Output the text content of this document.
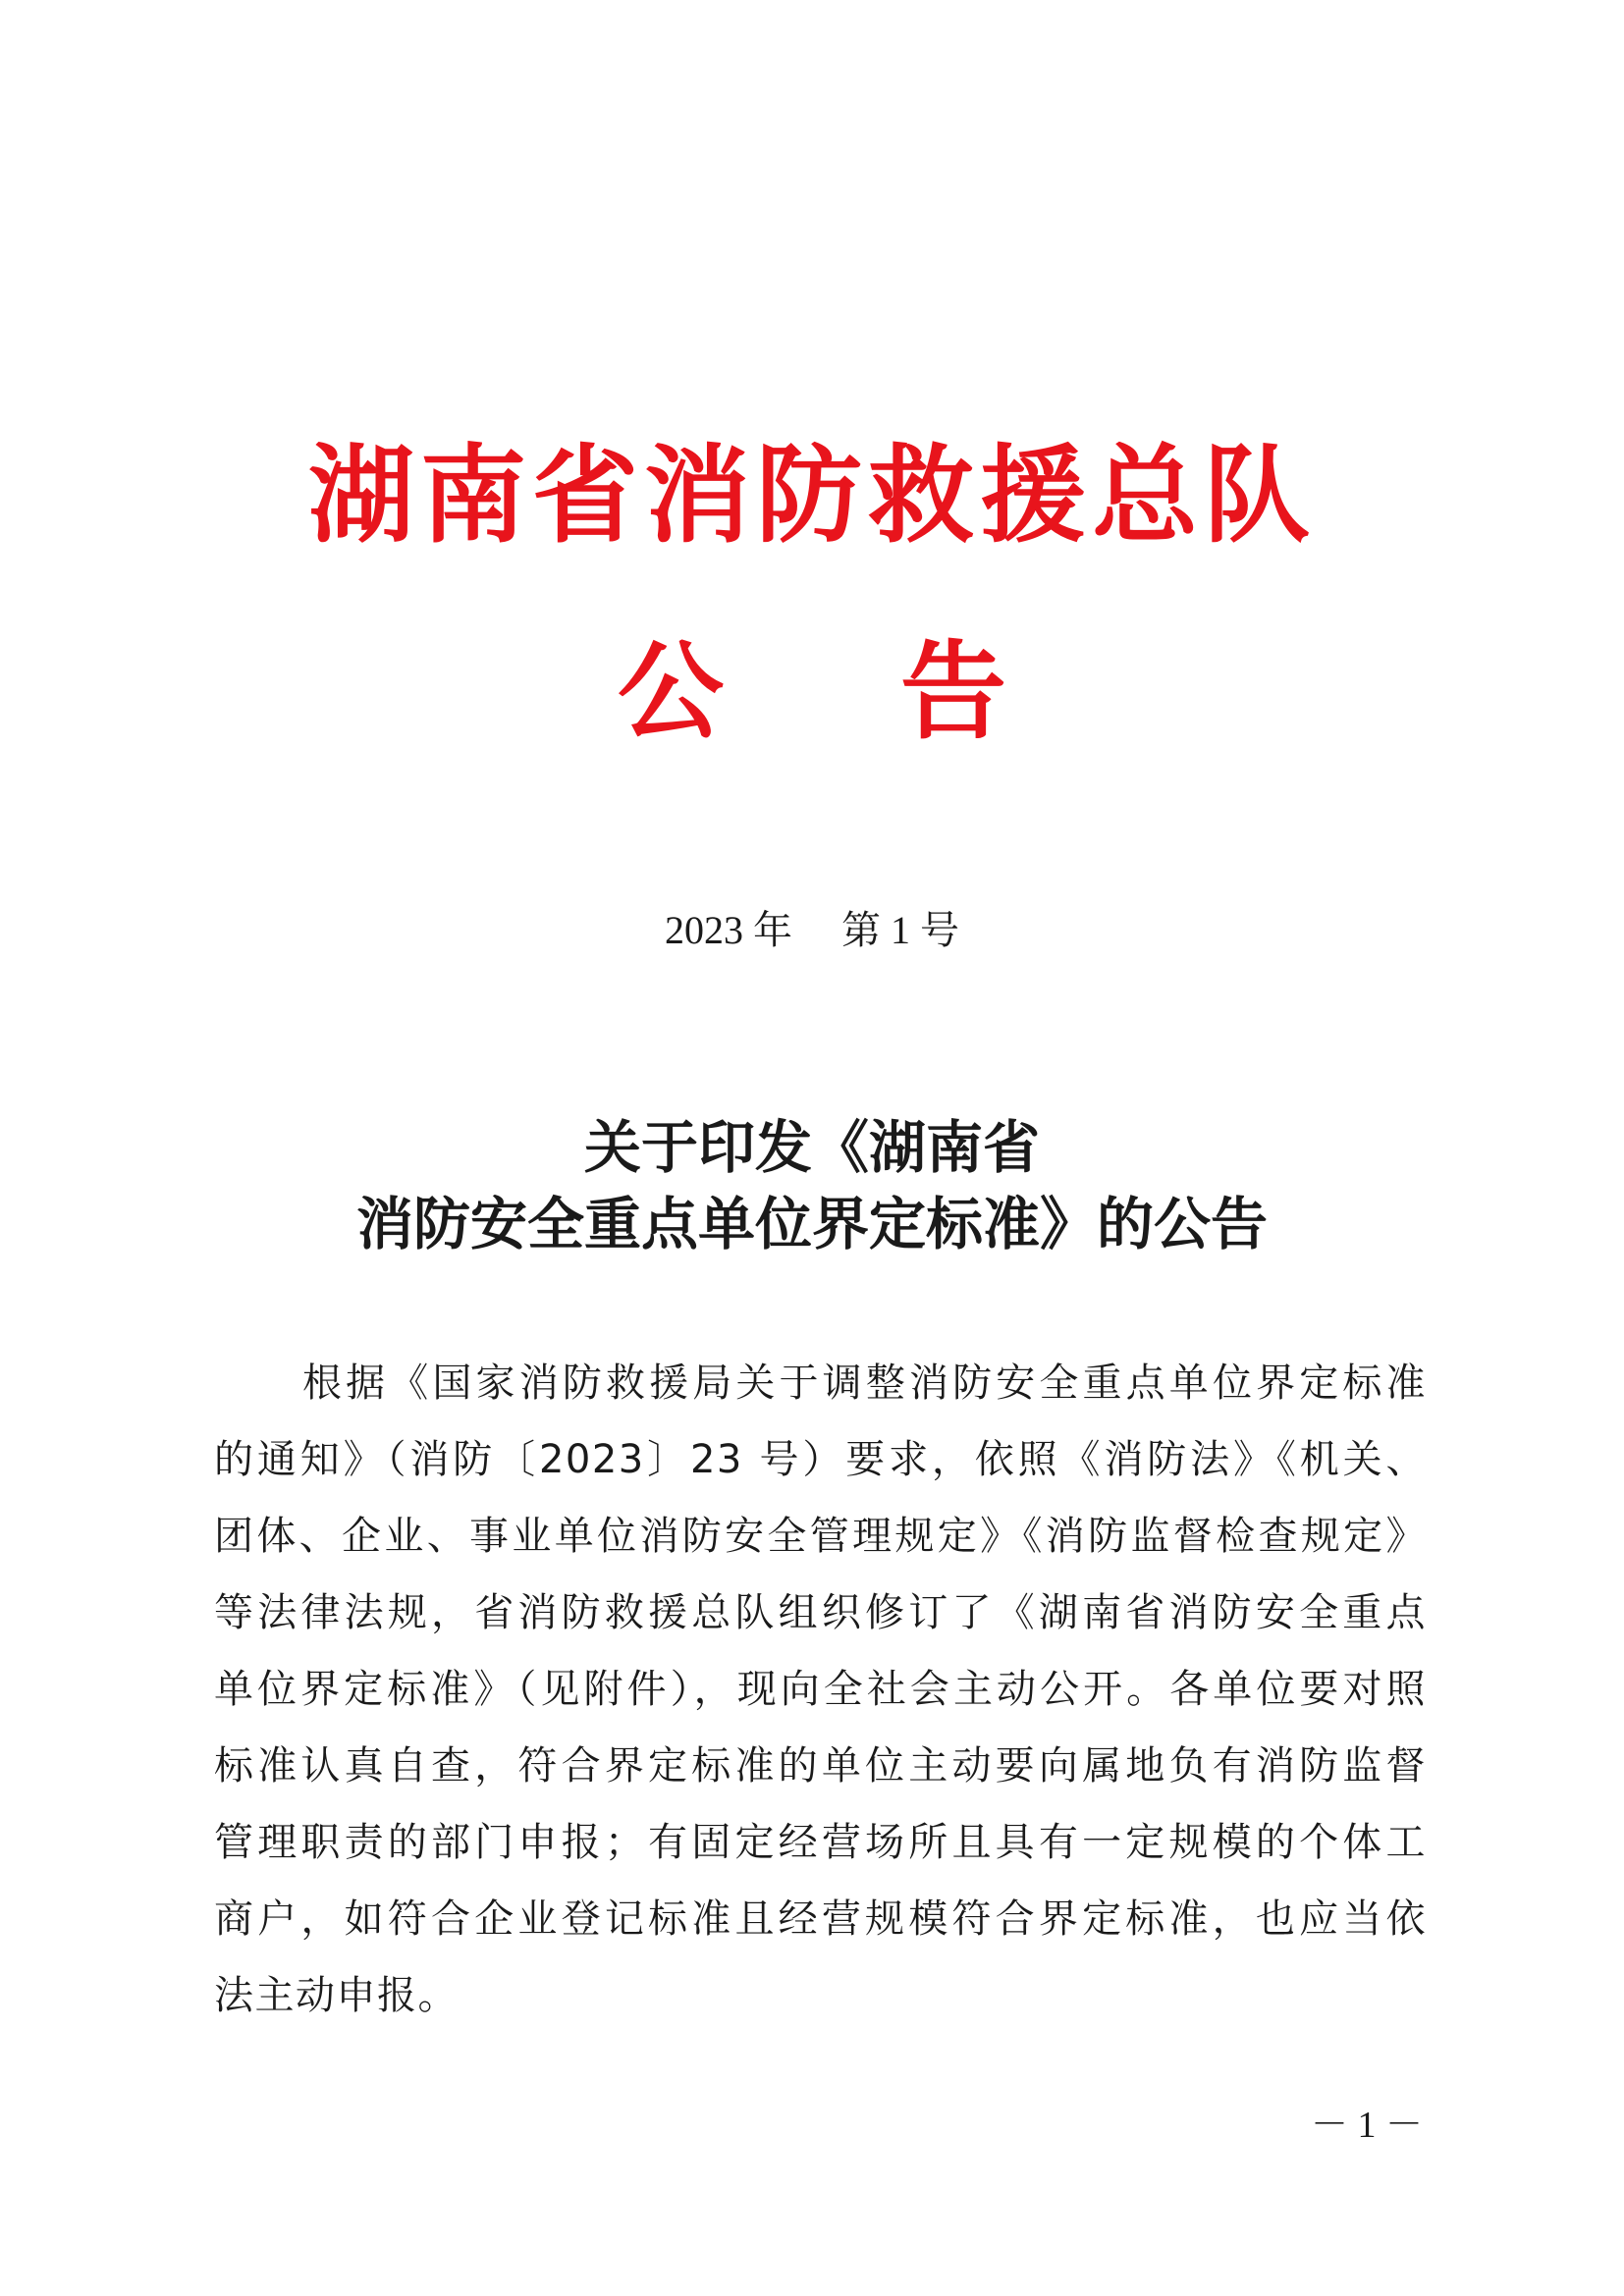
湖南省消防救援总队
公 告
2023 年 第 1 号
关于印发《湖南省
消防安全重点单位界定标准》的公告
根据《国家消防救援局关于调整消防安全重点单位界定标准
的通知》（消防〔2023〕23 号）要求，依照《消防法》《机关、
团体、企业、事业单位消防安全管理规定》《消防监督检查规定》
等法律法规，省消防救援总队组织修订了《湖南省消防安全重点
单位界定标准》（见附件），现向全社会主动公开。各单位要对照
标准认真自查，符合界定标准的单位主动要向属地负有消防监督
管理职责的部门申报；有固定经营场所且具有一定规模的个体工
商户，如符合企业登记标准且经营规模符合界定标准，也应当依
法主动申报。
－ 1 －
